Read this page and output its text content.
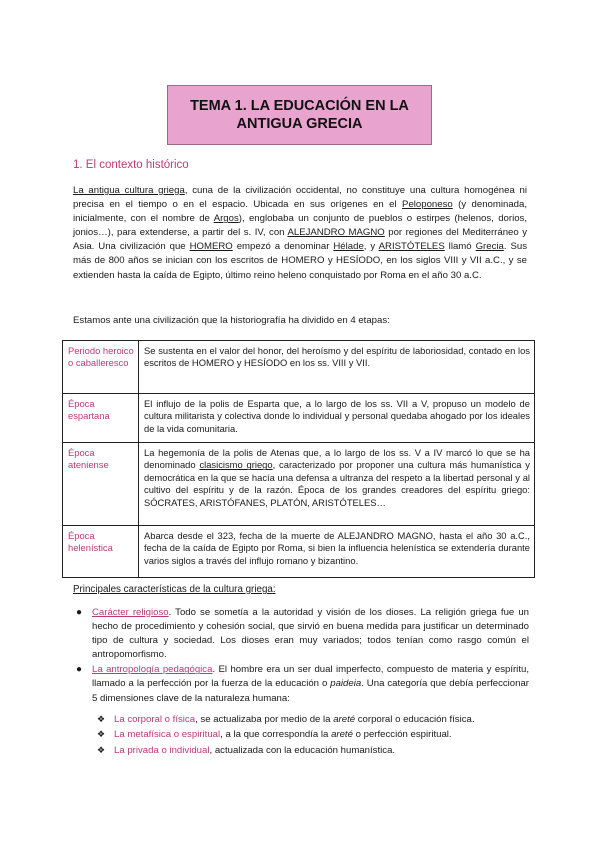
TEMA 1. LA EDUCACIÓN EN LA
ANTIGUA GRECIA
1. El contexto histórico

La antigua cultura griega, cuna de la civilización occidental, no constituye una cultura homogénea ni precisa en el tiempo o en el espacio. Ubicada en sus orígenes en el Peloponeso (y denominada, inicialmente, con el nombre de Argos), englobaba un conjunto de pueblos o estirpes (helenos, dorios, jonios…), para extenderse, a partir del s. IV, con ALEJANDRO MAGNO por regiones del Mediterráneo y Asia. Una civilización que HOMERO empezó a denominar Hélade, y ARISTÓTELES llamó Grecia. Sus más de 800 años se inician con los escritos de HOMERO y HESÍODO, en los siglos VIII y VII a.C., y se extienden hasta la caída de Egipto, último reino heleno conquistado por Roma en el año 30 a.C.

Estamos ante una civilización que la historiografía ha dividido en 4 etapas:
Periodo heroico o caballeresco	Se sustenta en el valor del honor, del heroísmo y del espíritu de laboriosidad, contado en los escritos de HOMERO y HESÍODO en los ss. VIII y VII.
Época espartana	El influjo de la polis de Esparta que, a lo largo de los ss. VII a V, propuso un modelo de cultura militarista y colectiva donde lo individual y personal quedaba ahogado por los ideales de la vida comunitaria.
Época ateniense	La hegemonía de la polis de Atenas que, a lo largo de los ss. V a IV marcó lo que se ha denominado clasicismo griego, caracterizado por proponer una cultura más humanística y democrática en la que se hacía una defensa a ultranza del respeto a la libertad personal y al cultivo del espíritu y de la razón. Época de los grandes creadores del espíritu griego: SÓCRATES, ARISTÓFANES, PLATÓN, ARISTÓTELES…
Época helenística	Abarca desde el 323, fecha de la muerte de ALEJANDRO MAGNO, hasta el año 30 a.C., fecha de la caída de Egipto por Roma, si bien la influencia helenística se extendería durante varios siglos a través del influjo romano y bizantino.
Principales características de la cultura griega:
● Carácter religioso. Todo se sometía a la autoridad y visión de los dioses. La religión griega fue un hecho de procedimiento y cohesión social, que sirvió en buena medida para justificar un determinado tipo de cultura y sociedad. Los dioses eran muy variados; todos tenían como rasgo común el antropomorfismo.
● La antropología pedagógica. El hombre era un ser dual imperfecto, compuesto de materia y espíritu, llamado a la perfección por la fuerza de la educación o paideia. Una categoría que debía perfeccionar 5 dimensiones clave de la naturaleza humana:
❖ La corporal o física, se actualizaba por medio de la areté corporal o educación física.
❖ La metafísica o espiritual, a la que correspondía la areté o perfección espiritual.
❖ La privada o individual, actualizada con la educación humanística.
